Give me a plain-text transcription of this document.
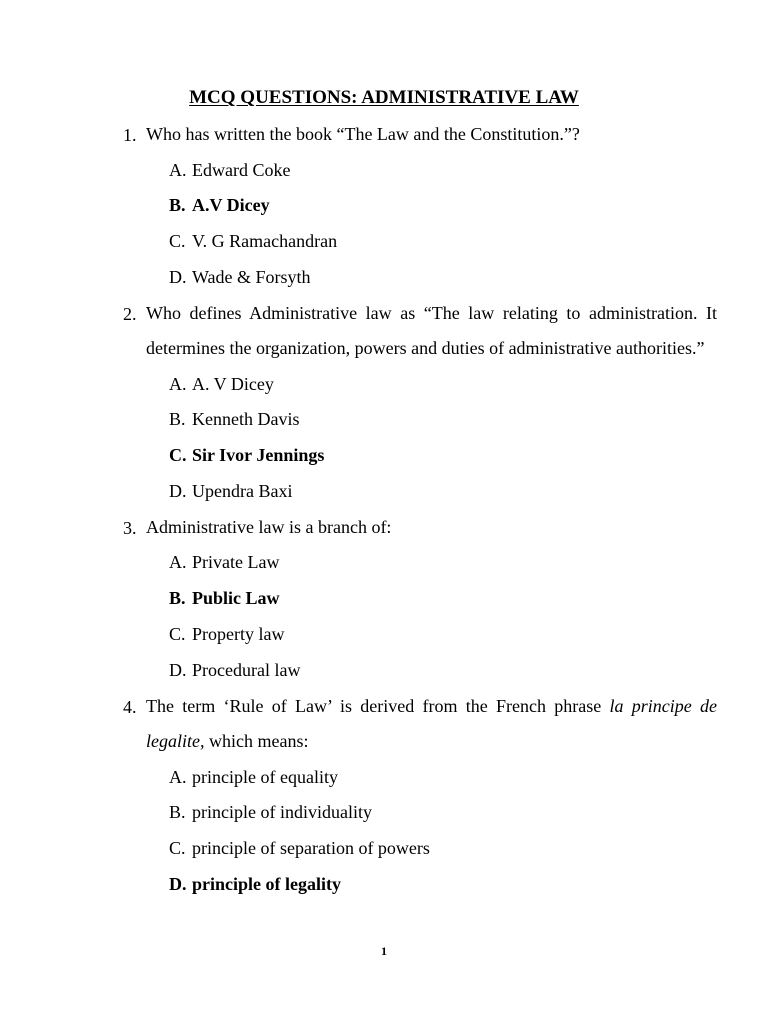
MCQ QUESTIONS: ADMINISTRATIVE LAW
1. Who has written the book “The Law and the Constitution.”?
A. Edward Coke
B. A.V Dicey
C. V. G Ramachandran
D. Wade & Forsyth
2. Who defines Administrative law as “The law relating to administration. It determines the organization, powers and duties of administrative authorities.”
A. A. V Dicey
B. Kenneth Davis
C. Sir Ivor Jennings
D. Upendra Baxi
3. Administrative law is a branch of:
A. Private Law
B. Public Law
C. Property law
D. Procedural law
4. The term ‘Rule of Law’ is derived from the French phrase la principe de legalite, which means:
A. principle of equality
B. principle of individuality
C. principle of separation of powers
D. principle of legality
1
